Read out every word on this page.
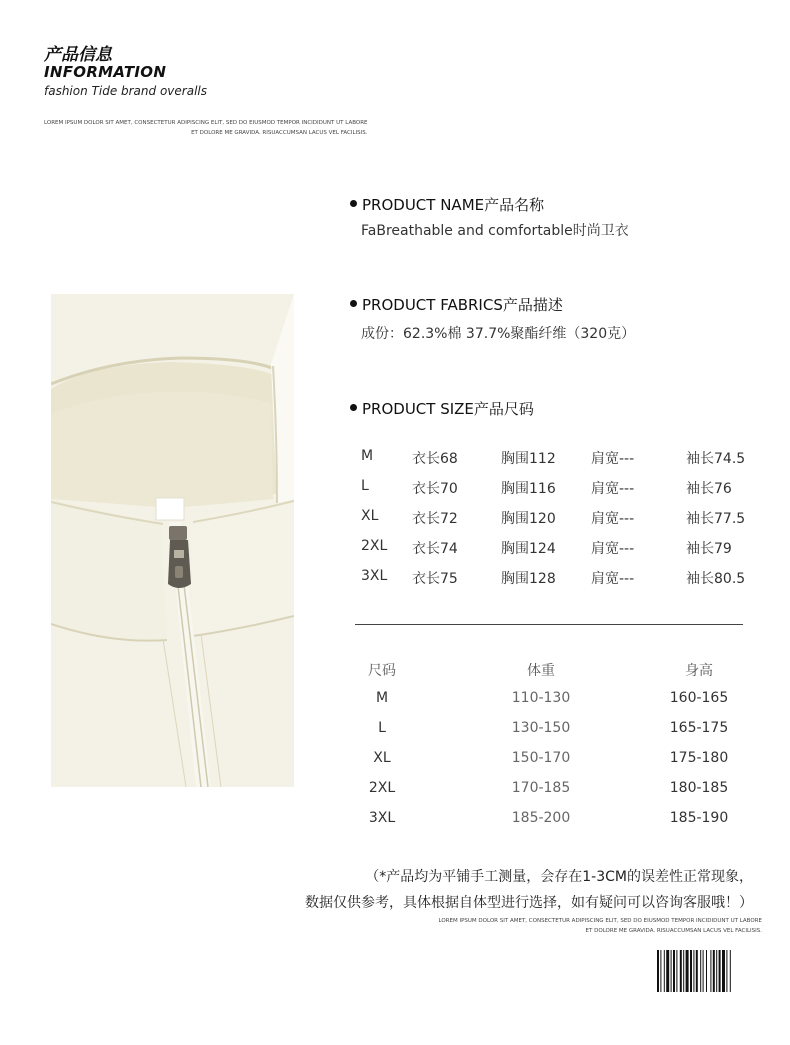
产品信息
INFORMATION
fashion Tide brand overalls
LOREM IPSUM DOLOR SIT AMET, CONSECTETUR ADIPISCING ELIT, SED DO EIUSMOD TEMPOR INCIDIDUNT UT LABORE
ET DOLORE ME GRAVIDA. RISUACCUMSAN LACUS VEL FACILISIS.
PRODUCT NAME产品名称
FaBreathable and comfortable时尚卫衣
PRODUCT FABRICS产品描述
成份：62.3%棉 37.7%聚酯纤维（320克）
PRODUCT SIZE产品尺码
M	衣长68	胸围112	肩宽---	袖长74.5
L	衣长70	胸围116	肩宽---	袖长76
XL 衣长72	胸围120	肩宽---	袖长77.5
2XL 衣长74	胸围124	肩宽---	袖长79
3XL 衣长75	胸围128	肩宽---	袖长80.5
尺码	体重	身高
M	110-130	160-165
L	130-150	165-175
XL	150-170	175-180
2XL	170-185	180-185
3XL	185-200	185-190
（*产品均为平铺手工测量，会存在1-3CM的误差性正常现象，
数据仅供参考，具体根据自体型进行选择，如有疑问可以咨询客服哦！）
LOREM IPSUM DOLOR SIT AMET, CONSECTETUR ADIPISCING ELIT, SED DO EIUSMOD TEMPOR INCIDIDUNT UT LABORE
ET DOLORE ME GRAVIDA. RISUACCUMSAN LACUS VEL FACILISIS.
